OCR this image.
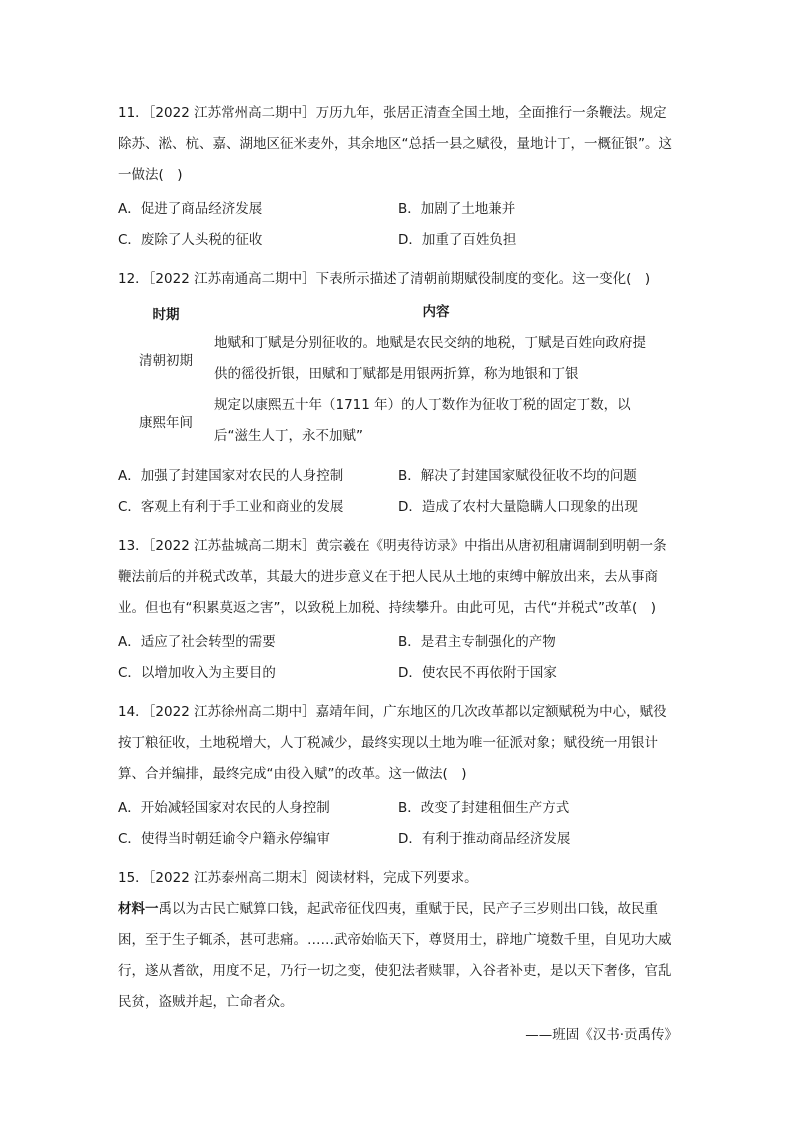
11．［2022 江苏常州高二期中］万历九年，张居正清查全国土地，全面推行一条鞭法。规定除苏、淞、杭、嘉、湖地区征米麦外，其余地区“总括一县之赋役，量地计丁，一概征银”。这一做法(　)

A．促进了商品经济发展	B．加剧了土地兼并
C．废除了人头税的征收	D．加重了百姓负担

12．［2022 江苏南通高二期中］下表所示描述了清朝前期赋役制度的变化。这一变化(　)

时期	内容
清朝初期	地赋和丁赋是分别征收的。地赋是农民交纳的地税，丁赋是百姓向政府提供的徭役折银，田赋和丁赋都是用银两折算，称为地银和丁银
康熙年间	规定以康熙五十年（1711 年）的人丁数作为征收丁税的固定丁数，以后“滋生人丁，永不加赋”
A．加强了封建国家对农民的人身控制	B．解决了封建国家赋役征收不均的问题
C．客观上有利于手工业和商业的发展	D．造成了农村大量隐瞒人口现象的出现

13．［2022 江苏盐城高二期末］黄宗羲在《明夷待访录》中指出从唐初租庸调制到明朝一条鞭法前后的并税式改革，其最大的进步意义在于把人民从土地的束缚中解放出来，去从事商业。但也有“积累莫返之害”，以致税上加税、持续攀升。由此可见，古代“并税式”改革(　)

A．适应了社会转型的需要	B．是君主专制强化的产物
C．以增加收入为主要目的	D．使农民不再依附于国家

14．［2022 江苏徐州高二期中］嘉靖年间，广东地区的几次改革都以定额赋税为中心，赋役按丁粮征收，土地税增大，人丁税减少，最终实现以土地为唯一征派对象；赋役统一用银计算、合并编排，最终完成“由役入赋”的改革。这一做法(　)

A．开始减轻国家对农民的人身控制	B．改变了封建租佃生产方式
C．使得当时朝廷谕令户籍永停编审	D．有利于推动商品经济发展

15．［2022 江苏泰州高二期末］阅读材料，完成下列要求。

材料一禹以为古民亡赋算口钱，起武帝征伐四夷，重赋于民，民产子三岁则出口钱，故民重困，至于生子辄杀，甚可悲痛。……武帝始临天下，尊贤用士，辟地广境数千里，自见功大威行，遂从耆欲，用度不足，乃行一切之变，使犯法者赎罪，入谷者补吏，是以天下奢侈，官乱民贫，盗贼并起，亡命者众。

——班固《汉书·贡禹传》
